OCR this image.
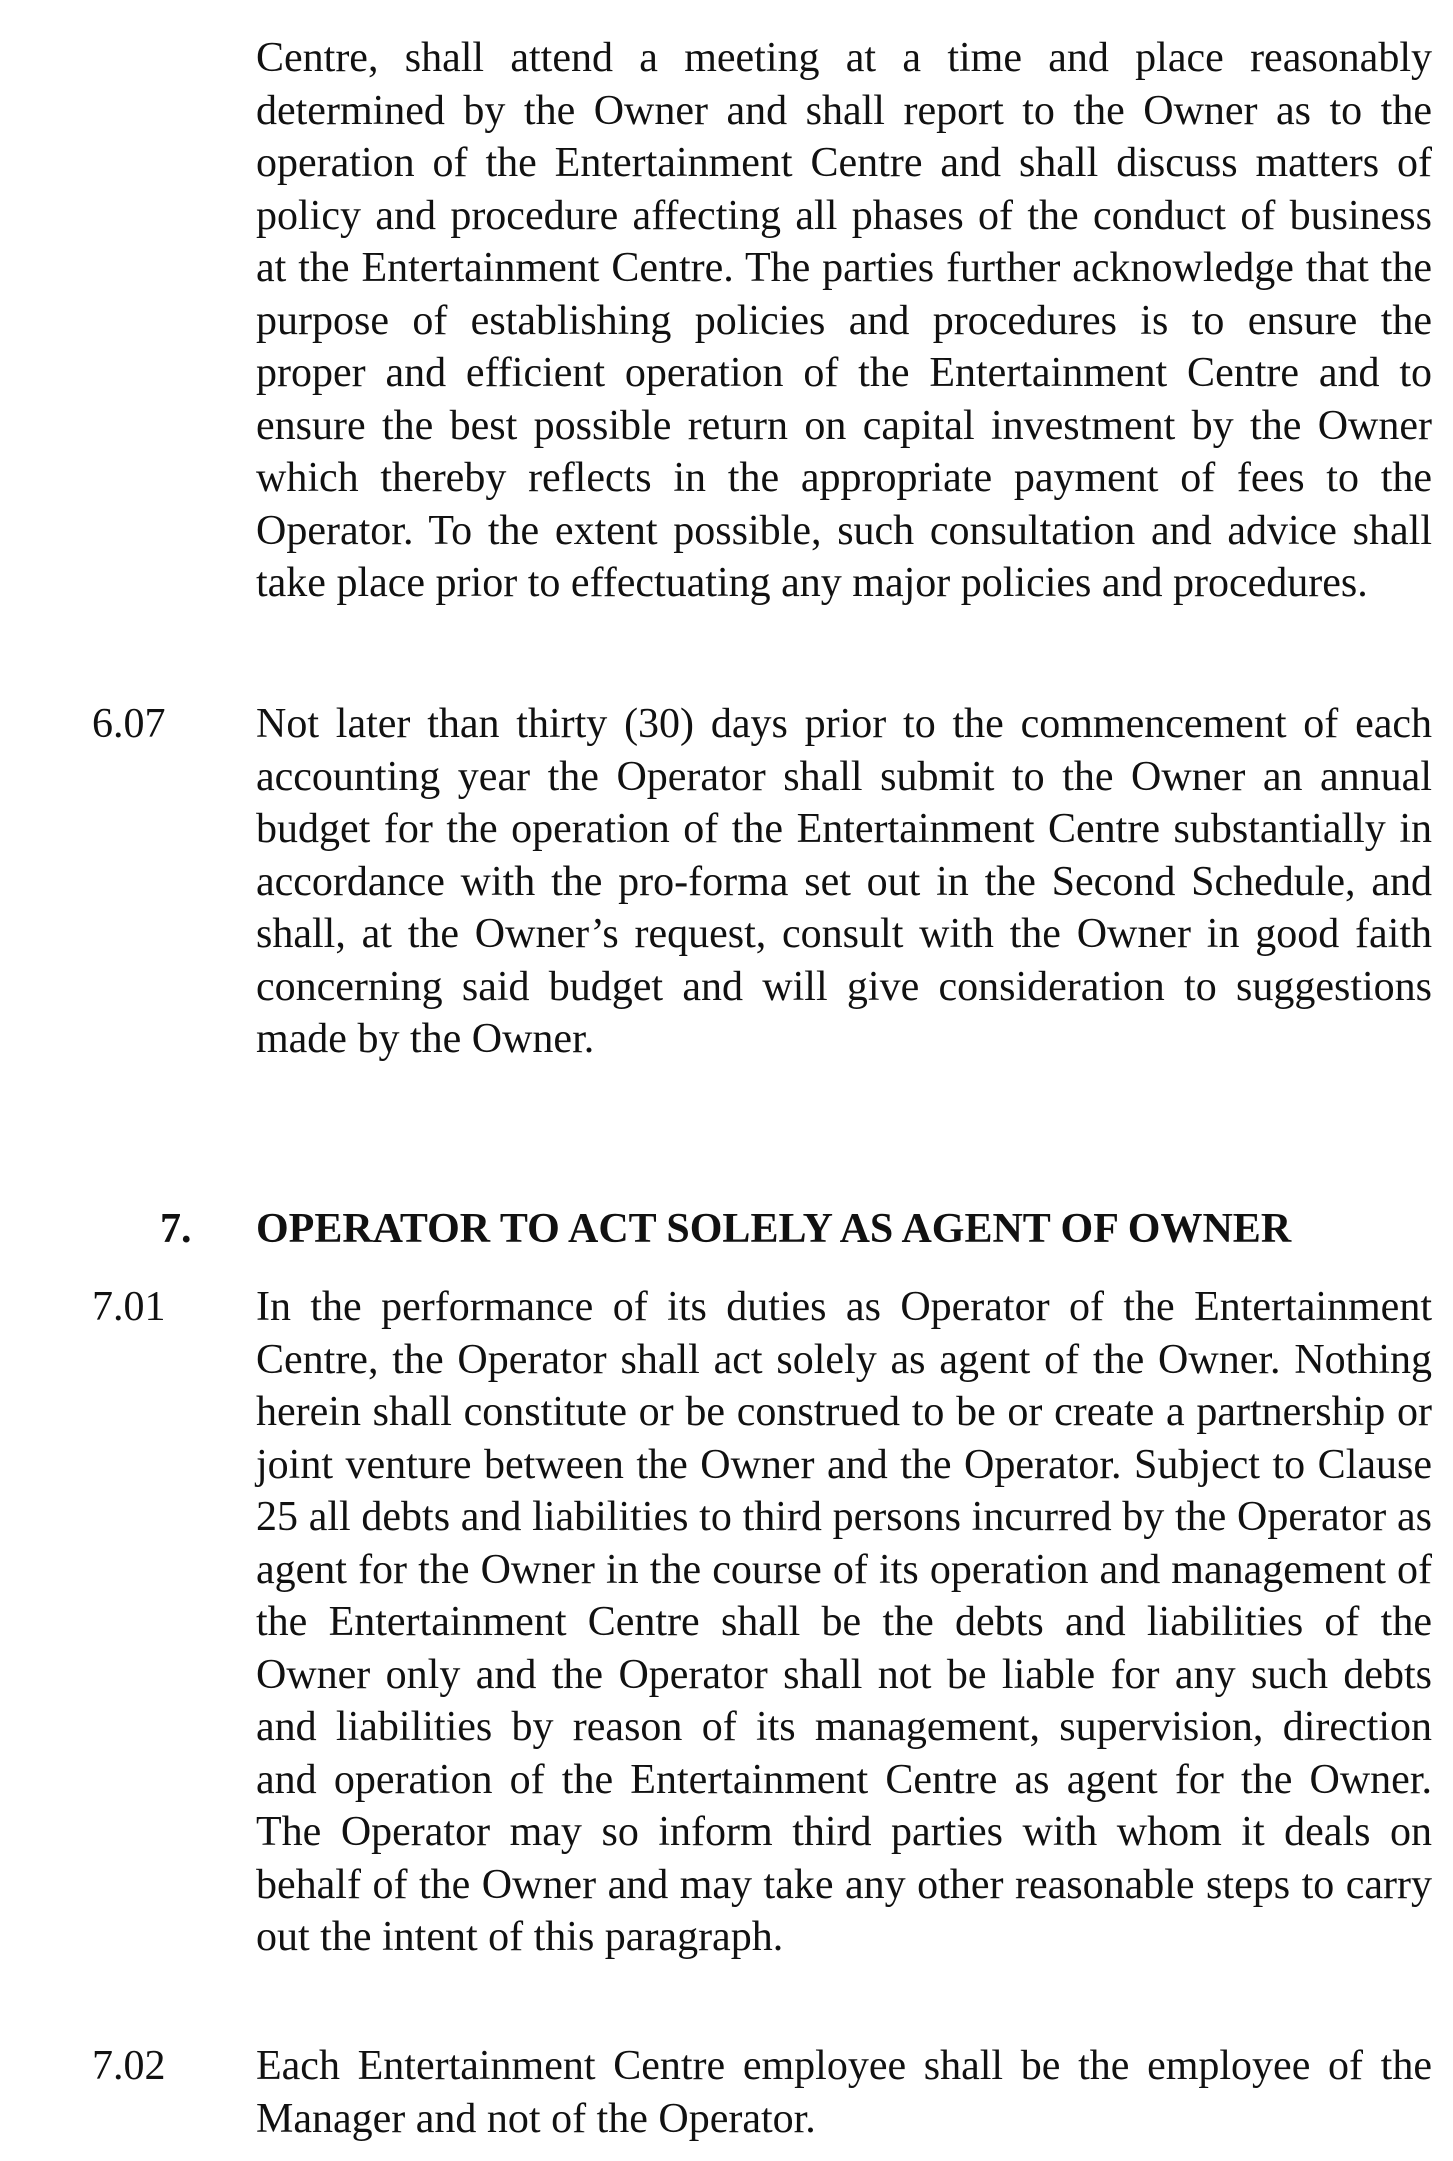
Centre, shall attend a meeting at a time and place reasonably determined by the Owner and shall report to the Owner as to the operation of the Entertainment Centre and shall discuss matters of policy and procedure affecting all phases of the conduct of business at the Entertainment Centre. The parties further acknowledge that the purpose of establishing policies and procedures is to ensure the proper and efficient operation of the Entertainment Centre and to ensure the best possible return on capital investment by the Owner which thereby reflects in the appropriate payment of fees to the Operator. To the extent possible, such consultation and advice shall take place prior to effectuating any major policies and procedures.
6.07 Not later than thirty (30) days prior to the commencement of each accounting year the Operator shall submit to the Owner an annual budget for the operation of the Entertainment Centre substantially in accordance with the pro-forma set out in the Second Schedule, and shall, at the Owner’s request, consult with the Owner in good faith concerning said budget and will give consideration to suggestions made by the Owner.
7. OPERATOR TO ACT SOLELY AS AGENT OF OWNER
7.01 In the performance of its duties as Operator of the Entertainment Centre, the Operator shall act solely as agent of the Owner. Nothing herein shall constitute or be construed to be or create a partnership or joint venture between the Owner and the Operator. Subject to Clause 25 all debts and liabilities to third persons incurred by the Operator as agent for the Owner in the course of its operation and management of the Entertainment Centre shall be the debts and liabilities of the Owner only and the Operator shall not be liable for any such debts and liabilities by reason of its management, supervision, direction and operation of the Entertainment Centre as agent for the Owner. The Operator may so inform third parties with whom it deals on behalf of the Owner and may take any other reasonable steps to carry out the intent of this paragraph.
7.02 Each Entertainment Centre employee shall be the employee of the Manager and not of the Operator.
